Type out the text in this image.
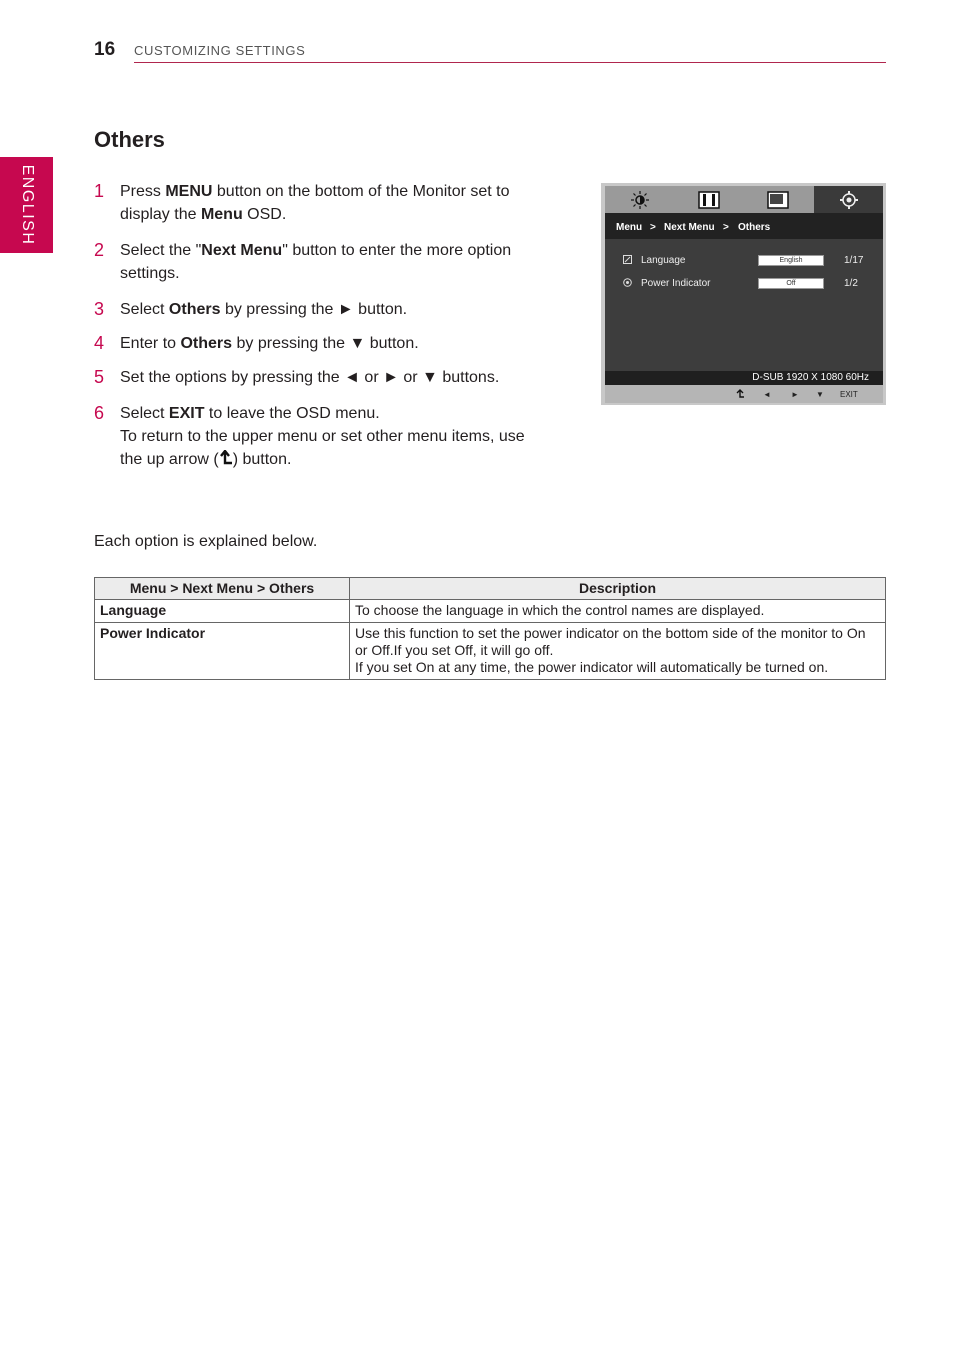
16 CUSTOMIZING SETTINGS
ENGLISH
Others
1 Press MENU button on the bottom of the Monitor set to display the Menu OSD.
2 Select the "Next Menu" button to enter the more option settings.
3 Select Others by pressing the ► button.
4 Enter to Others by pressing the ▼ button.
5 Set the options by pressing the ◄ or ► or ▼ buttons.
6 Select EXIT to leave the OSD menu.
To return to the upper menu or set other menu items, use the up arrow ( ) button.
Each option is explained below.
Menu > Next Menu > Others	Description
Language	To choose the language in which the control names are displayed.

Power Indicator	Use this function to set the power indicator on the bottom side of the monitor to On or Off.If you set Off, it will go off.
If you set On at any time, the power indicator will automatically be turned on.
Menu > Next Menu > Others
Language	English	1/17
Power Indicator	Off	1/2
D-SUB 1920 X 1080 60Hz
◄	► ▼ EXIT
